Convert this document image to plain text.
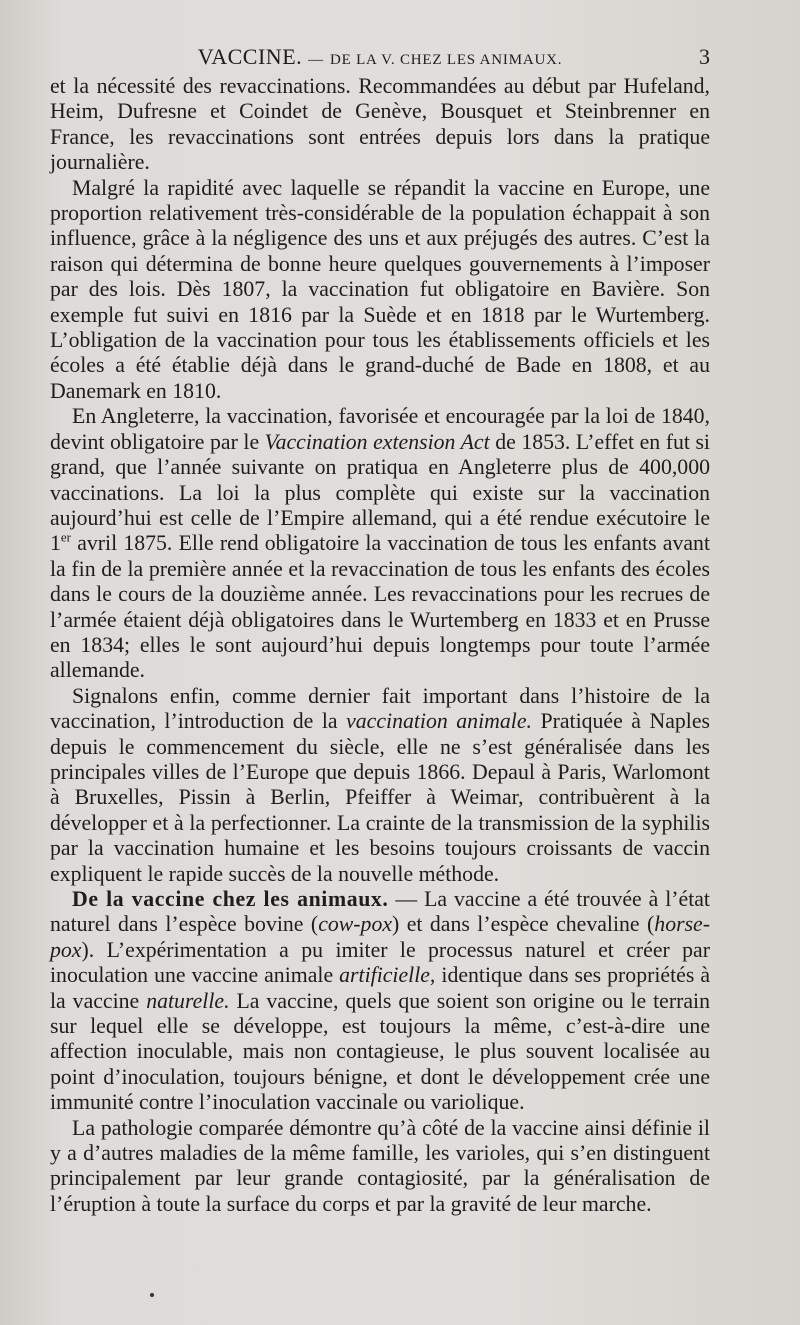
VACCINE. — DE LA V. CHEZ LES ANIMAUX.	3

et la nécessité des revaccinations. Recommandées au début par Hufeland, Heim, Dufresne et Coindet de Genève, Bousquet et Steinbrenner en France, les revaccinations sont entrées depuis lors dans la pratique journalière.

Malgré la rapidité avec laquelle se répandit la vaccine en Europe, une proportion relativement très-considérable de la population échappait à son influence, grâce à la négligence des uns et aux préjugés des autres. C’est la raison qui détermina de bonne heure quelques gouvernements à l’imposer par des lois. Dès 1807, la vaccination fut obligatoire en Bavière. Son exemple fut suivi en 1816 par la Suède et en 1818 par le Wurtemberg. L’obligation de la vaccination pour tous les établissements officiels et les écoles a été établie déjà dans le grand-duché de Bade en 1808, et au Danemark en 1810.

En Angleterre, la vaccination, favorisée et encouragée par la loi de 1840, devint obligatoire par le Vaccination extension Act de 1853. L’effet en fut si grand, que l’année suivante on pratiqua en Angleterre plus de 400,000 vaccinations. La loi la plus complète qui existe sur la vaccination aujourd’hui est celle de l’Empire allemand, qui a été rendue exécutoire le 1er avril 1875. Elle rend obligatoire la vaccination de tous les enfants avant la fin de la première année et la revaccination de tous les enfants des écoles dans le cours de la douzième année. Les revaccinations pour les recrues de l’armée étaient déjà obligatoires dans le Wurtemberg en 1833 et en Prusse en 1834; elles le sont aujourd’hui depuis longtemps pour toute l’armée allemande.

Signalons enfin, comme dernier fait important dans l’histoire de la vaccination, l’introduction de la vaccination animale. Pratiquée à Naples depuis le commencement du siècle, elle ne s’est généralisée dans les principales villes de l’Europe que depuis 1866. Depaul à Paris, Warlomont à Bruxelles, Pissin à Berlin, Pfeiffer à Weimar, contribuèrent à la développer et à la perfectionner. La crainte de la transmission de la syphilis par la vaccination humaine et les besoins toujours croissants de vaccin expliquent le rapide succès de la nouvelle méthode.

De la vaccine chez les animaux. — La vaccine a été trouvée à l’état naturel dans l’espèce bovine (cow-pox) et dans l’espèce chevaline (horse-pox). L’expérimentation a pu imiter le processus naturel et créer par inoculation une vaccine animale artificielle, identique dans ses propriétés à la vaccine naturelle. La vaccine, quels que soient son origine ou le terrain sur lequel elle se développe, est toujours la même, c’est-à-dire une affection inoculable, mais non contagieuse, le plus souvent localisée au point d’inoculation, toujours bénigne, et dont le développement crée une immunité contre l’inoculation vaccinale ou variolique.

La pathologie comparée démontre qu’à côté de la vaccine ainsi définie il y a d’autres maladies de la même famille, les varioles, qui s’en distinguent principalement par leur grande contagiosité, par la généralisation de l’éruption à toute la surface du corps et par la gravité de leur marche.
